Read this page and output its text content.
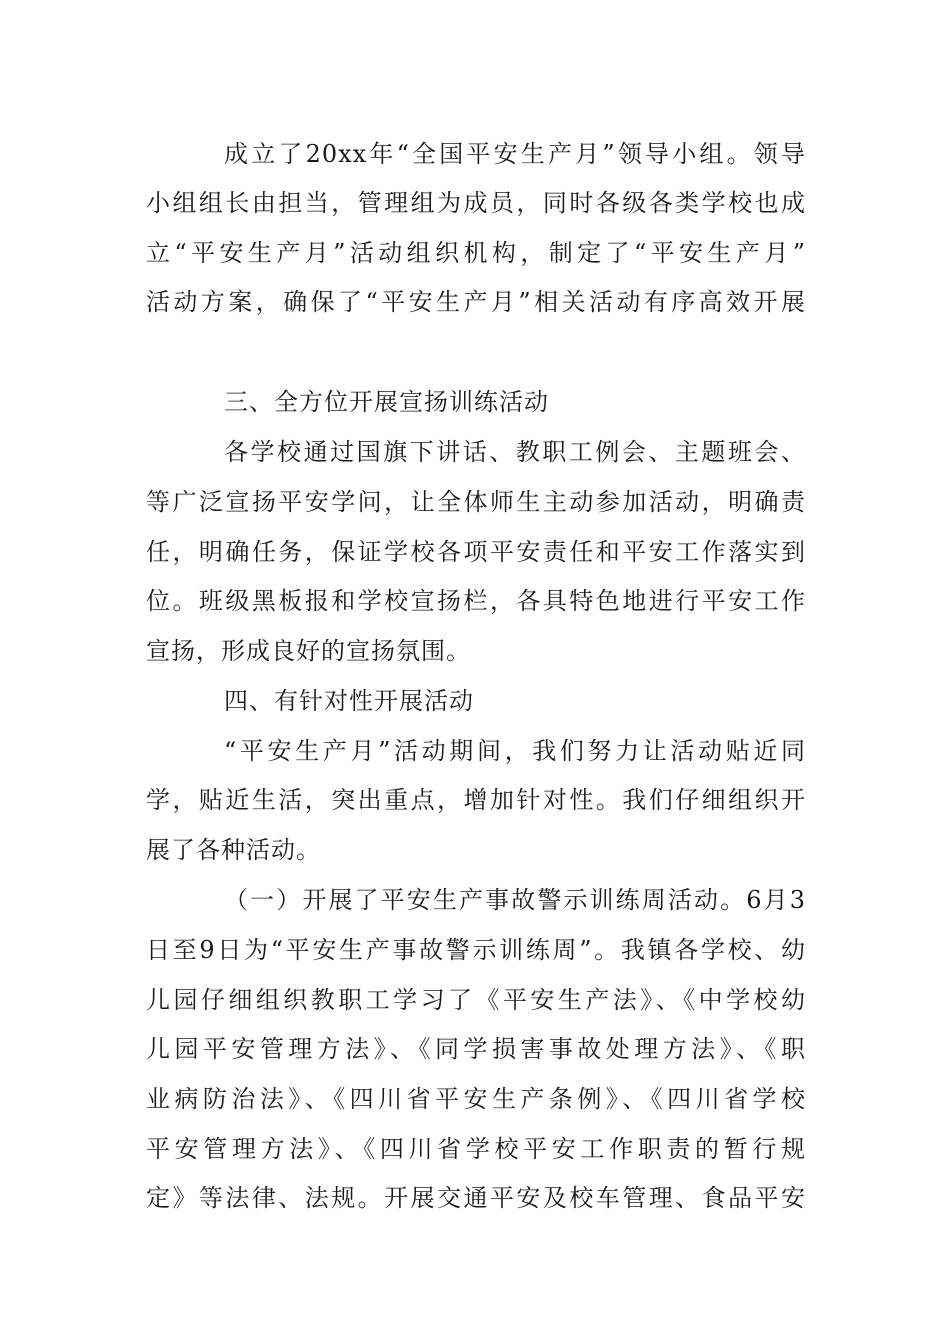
成立了20xx年“全国平安生产月”领导小组。领导

小组组长由担当，管理组为成员，同时各级各类学校也成

立“平安生产月”活动组织机构，制定了“平安生产月”

活动方案，确保了“平安生产月”相关活动有序高效开展

三、全方位开展宣扬训练活动

各学校通过国旗下讲话、教职工例会、主题班会、

等广泛宣扬平安学问，让全体师生主动参加活动，明确责

任，明确任务，保证学校各项平安责任和平安工作落实到

位。班级黑板报和学校宣扬栏，各具特色地进行平安工作

宣扬，形成良好的宣扬氛围。

四、有针对性开展活动

“平安生产月”活动期间，我们努力让活动贴近同

学，贴近生活，突出重点，增加针对性。我们仔细组织开

展了各种活动。

（一）开展了平安生产事故警示训练周活动。6月3

日至9日为“平安生产事故警示训练周”。我镇各学校、幼

儿园仔细组织教职工学习了《平安生产法》、《中学校幼

儿园平安管理方法》、《同学损害事故处理方法》、《职

业病防治法》、《四川省平安生产条例》、《四川省学校

平安管理方法》、《四川省学校平安工作职责的暂行规

定》等法律、法规。开展交通平安及校车管理、食品平安
